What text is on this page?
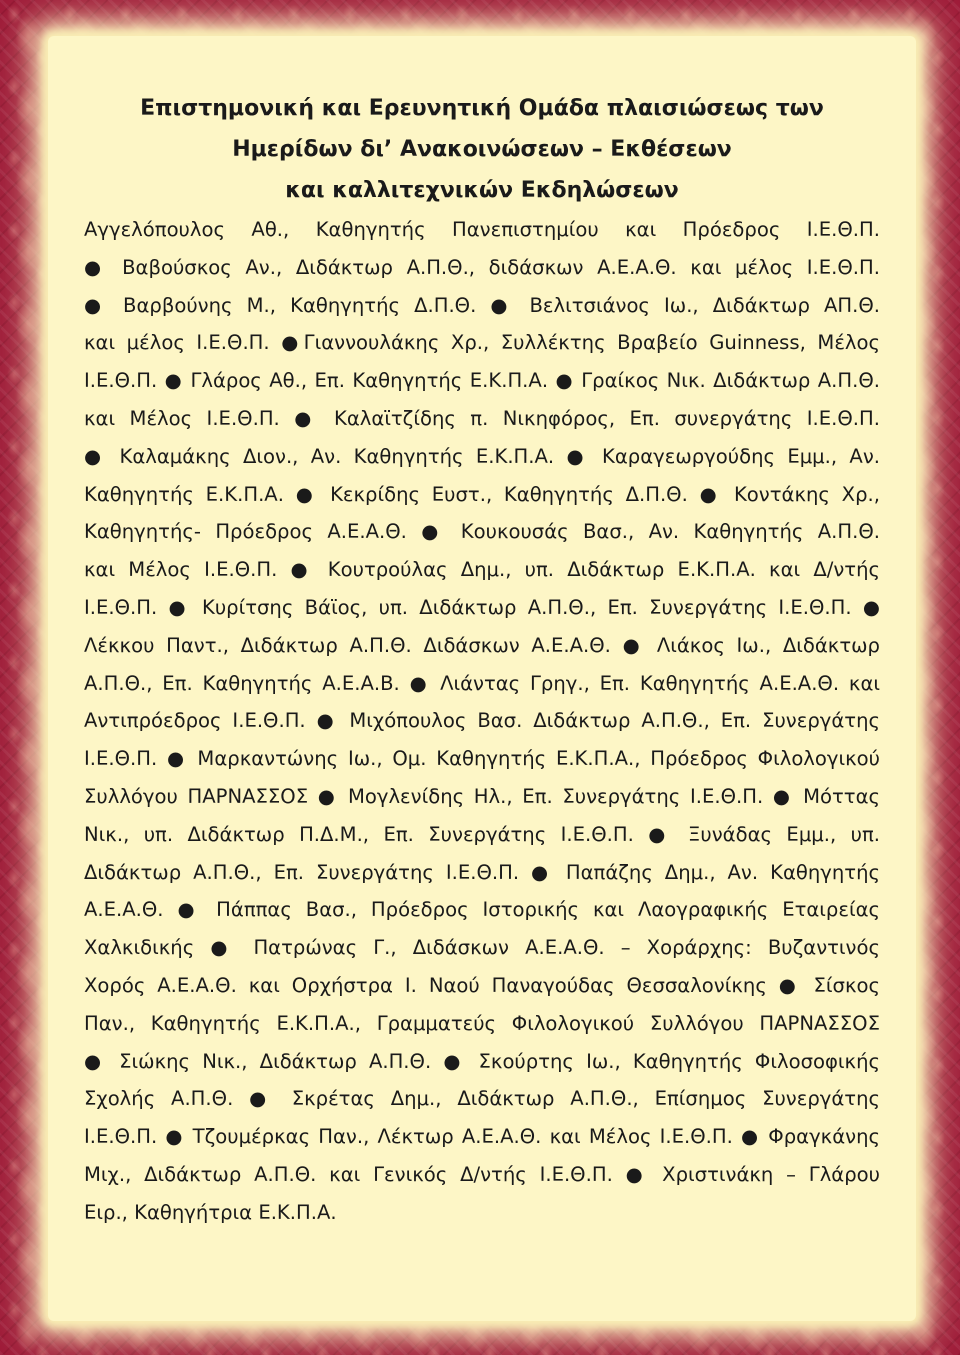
Επιστημονική και Ερευνητική Ομάδα πλαισιώσεως των
Ημερίδων δι’ Ανακοινώσεων – Εκθέσεων
και καλλιτεχνικών Εκδηλώσεων
Αγγελόπουλος Αθ., Καθηγητής Πανεπιστημίου και Πρόεδρος Ι.Ε.Θ.Π.
● Βαβούσκος Αν., Διδάκτωρ Α.Π.Θ., διδάσκων Α.Ε.Α.Θ. και μέλος Ι.Ε.Θ.Π.
● Βαρβούνης Μ., Καθηγητής Δ.Π.Θ. ● Βελιτσιάνος Ιω., Διδάκτωρ ΑΠ.Θ.
και μέλος Ι.Ε.Θ.Π. ●Γιαννουλάκης Χρ., Συλλέκτης Βραβείο Guinness, Μέλος
Ι.Ε.Θ.Π. ● Γλάρος Αθ., Επ. Καθηγητής Ε.Κ.Π.Α. ● Γραίκος Νικ. Διδάκτωρ Α.Π.Θ.
και Μέλος Ι.Ε.Θ.Π. ● Καλαϊτζίδης π. Νικηφόρος, Επ. συνεργάτης Ι.Ε.Θ.Π.
● Καλαμάκης Διον., Αν. Καθηγητής Ε.Κ.Π.Α. ● Καραγεωργούδης Εμμ., Αν.
Καθηγητής Ε.Κ.Π.Α. ● Κεκρίδης Ευστ., Καθηγητής Δ.Π.Θ. ● Κοντάκης Χρ.,
Καθηγητής- Πρόεδρος Α.Ε.Α.Θ. ● Κουκουσάς Βασ., Αν. Καθηγητής Α.Π.Θ.
και Μέλος Ι.Ε.Θ.Π. ● Κουτρούλας Δημ., υπ. Διδάκτωρ Ε.Κ.Π.Α. και Δ/ντής
Ι.Ε.Θ.Π. ● Κυρίτσης Βάϊος, υπ. Διδάκτωρ Α.Π.Θ., Επ. Συνεργάτης Ι.Ε.Θ.Π. ●
Λέκκου Παντ., Διδάκτωρ Α.Π.Θ. Διδάσκων Α.Ε.Α.Θ. ● Λιάκος Ιω., Διδάκτωρ
Α.Π.Θ., Επ. Καθηγητής Α.Ε.Α.Β. ● Λιάντας Γρηγ., Επ. Καθηγητής Α.Ε.Α.Θ. και
Αντιπρόεδρος Ι.Ε.Θ.Π. ● Μιχόπουλος Βασ. Διδάκτωρ Α.Π.Θ., Επ. Συνεργάτης
Ι.Ε.Θ.Π. ● Μαρκαντώνης Ιω., Ομ. Καθηγητής Ε.Κ.Π.Α., Πρόεδρος Φιλολογικού
Συλλόγου ΠΑΡΝΑΣΣΟΣ ● Μογλενίδης Ηλ., Επ. Συνεργάτης Ι.Ε.Θ.Π. ● Μόττας
Νικ., υπ. Διδάκτωρ Π.Δ.Μ., Επ. Συνεργάτης Ι.Ε.Θ.Π. ● Ξυνάδας Εμμ., υπ.
Διδάκτωρ Α.Π.Θ., Επ. Συνεργάτης Ι.Ε.Θ.Π. ● Παπάζης Δημ., Αν. Καθηγητής
Α.Ε.Α.Θ. ● Πάππας Βασ., Πρόεδρος Ιστορικής και Λαογραφικής Εταιρείας
Χαλκιδικής ● Πατρώνας Γ., Διδάσκων Α.Ε.Α.Θ. – Χοράρχης: Βυζαντινός
Χορός Α.Ε.Α.Θ. και Ορχήστρα Ι. Ναού Παναγούδας Θεσσαλονίκης ● Σίσκος
Παν., Καθηγητής Ε.Κ.Π.Α., Γραμματεύς Φιλολογικού Συλλόγου ΠΑΡΝΑΣΣΟΣ
● Σιώκης Νικ., Διδάκτωρ Α.Π.Θ. ● Σκούρτης Ιω., Καθηγητής Φιλοσοφικής
Σχολής Α.Π.Θ. ● Σκρέτας Δημ., Διδάκτωρ Α.Π.Θ., Επίσημος Συνεργάτης
Ι.Ε.Θ.Π. ● Τζουμέρκας Παν., Λέκτωρ Α.Ε.Α.Θ. και Μέλος Ι.Ε.Θ.Π. ● Φραγκάνης
Μιχ., Διδάκτωρ Α.Π.Θ. και Γενικός Δ/ντής Ι.Ε.Θ.Π. ● Χριστινάκη – Γλάρου
Ειρ., Καθηγήτρια Ε.Κ.Π.Α.
